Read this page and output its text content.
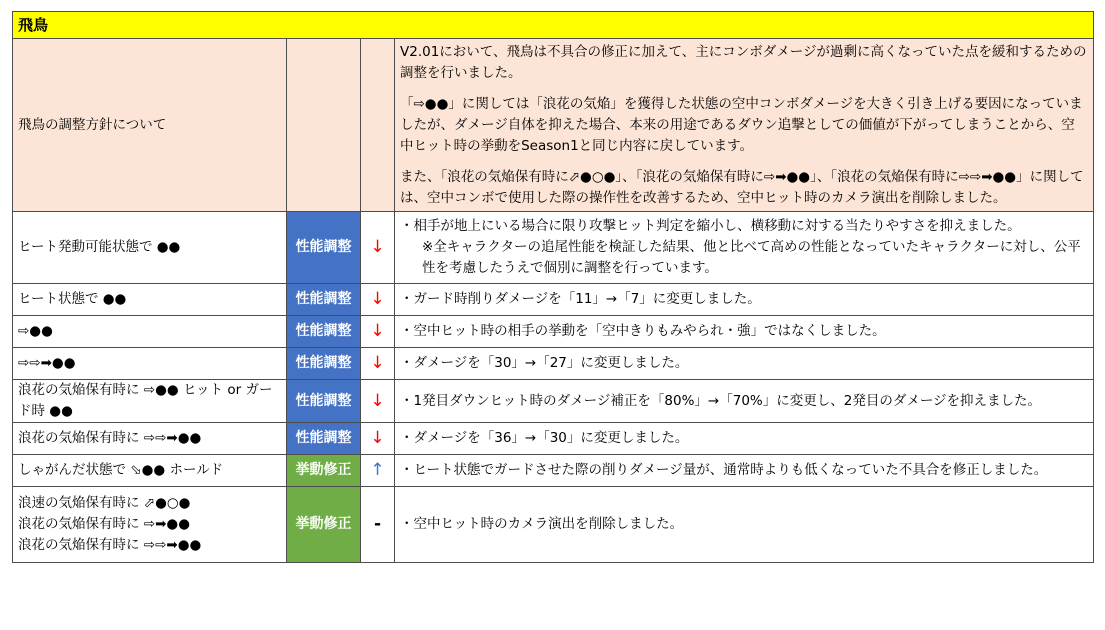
飛鳥			
飛鳥の調整方針について			V2.01において、飛鳥は不具合の修正に加えて、主にコンボダメージが過剰に高くなっていた点を緩和するための調整を行いました。

「⇨●●」に関しては「浪花の気焔」を獲得した状態の空中コンボダメージを大きく引き上げる要因になっていましたが、ダメージ自体を抑えた場合、本来の用途であるダウン追撃としての価値が下がってしまうことから、空中ヒット時の挙動をSeason1と同じ内容に戻しています。

また、「浪花の気焔保有時に⬀●○●」、「浪花の気焔保有時に⇨➡●●」、「浪花の気焔保有時に⇨⇨➡●●」に関しては、空中コンボで使用した際の操作性を改善するため、空中ヒット時のカメラ演出を削除しました。

ヒート発動可能状態で ●●	性能調整	↓	・相手が地上にいる場合に限り攻撃ヒット判定を縮小し、横移動に対する当たりやすさを抑えました。
※全キャラクターの追尾性能を検証した結果、他と比べて高めの性能となっていたキャラクターに対し、公平性を考慮したうえで個別に調整を行っています。

ヒート状態で ●●	性能調整	↓	・ガード時削りダメージを「11」→「7」に変更しました。

⇨●●	性能調整	↓	・空中ヒット時の相手の挙動を「空中きりもみやられ・強」ではなくしました。

⇨⇨➡●●	性能調整	↓	・ダメージを「30」→「27」に変更しました。

浪花の気焔保有時に ⇨●● ヒット or ガード時 ●●	性能調整	↓	・1発目ダウンヒット時のダメージ補正を「80%」→「70%」に変更し、2発目のダメージを抑えました。

浪花の気焔保有時に ⇨⇨➡●●	性能調整	↓	・ダメージを「36」→「30」に変更しました。

しゃがんだ状態で ⬂●● ホールド	挙動修正	↑	・ヒート状態でガードさせた際の削りダメージ量が、通常時よりも低くなっていた不具合を修正しました。

浪速の気焔保有時に ⬀●○●
浪花の気焔保有時に ⇨➡●●
浪花の気焔保有時に ⇨⇨➡●●	挙動修正	-	・空中ヒット時のカメラ演出を削除しました。
